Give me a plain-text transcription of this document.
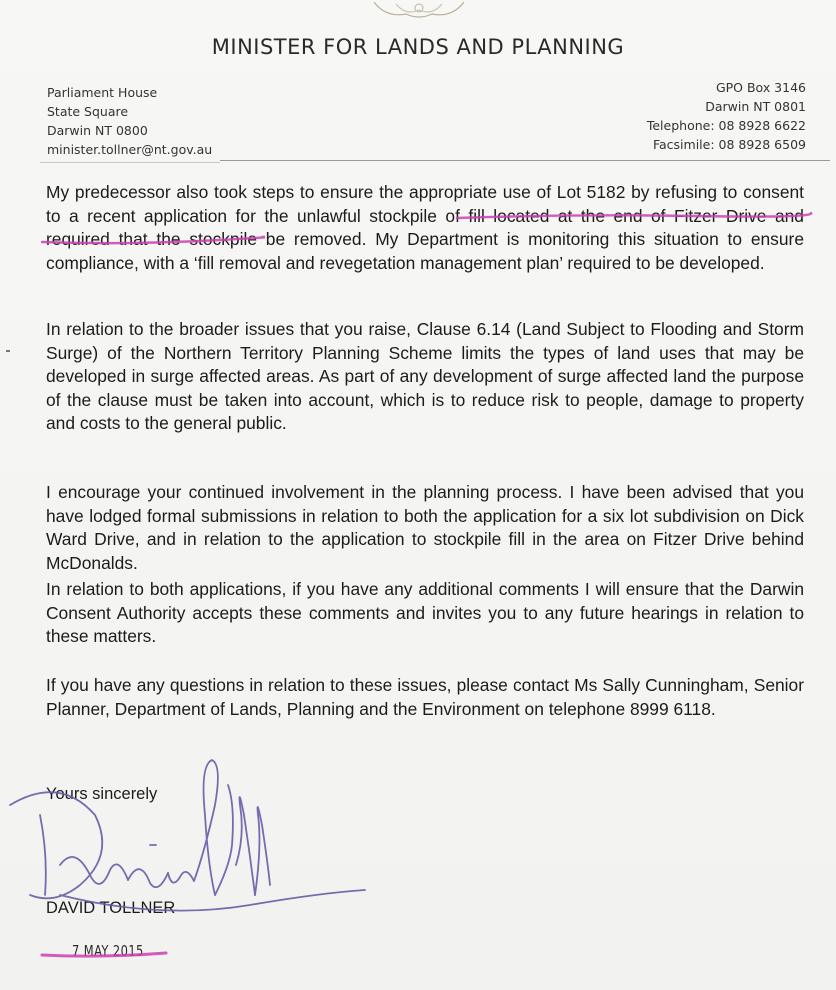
MINISTER FOR LANDS AND PLANNING
Parliament House
State Square
Darwin NT 0800
minister.tollner@nt.gov.au
GPO Box 3146
Darwin NT 0801
Telephone: 08 8928 6622
Facsimile: 08 8928 6509
My predecessor also took steps to ensure the appropriate use of Lot 5182 by refusing to consent to a recent application for the unlawful stockpile of fill located at the end of Fitzer Drive and required that the stockpile be removed. My Department is monitoring this situation to ensure compliance, with a ‘fill removal and revegetation management plan’ required to be developed.
In relation to the broader issues that you raise, Clause 6.14 (Land Subject to Flooding and Storm Surge) of the Northern Territory Planning Scheme limits the types of land uses that may be developed in surge affected areas. As part of any development of surge affected land the purpose of the clause must be taken into account, which is to reduce risk to people, damage to property and costs to the general public.
I encourage your continued involvement in the planning process. I have been advised that you have lodged formal submissions in relation to both the application for a six lot subdivision on Dick Ward Drive, and in relation to the application to stockpile fill in the area on Fitzer Drive behind McDonalds.
In relation to both applications, if you have any additional comments I will ensure that the Darwin Consent Authority accepts these comments and invites you to any future hearings in relation to these matters.
If you have any questions in relation to these issues, please contact Ms Sally Cunningham, Senior Planner, Department of Lands, Planning and the Environment on telephone 8999 6118.
Yours sincerely
DAVID TOLLNER
7 MAY 2015
